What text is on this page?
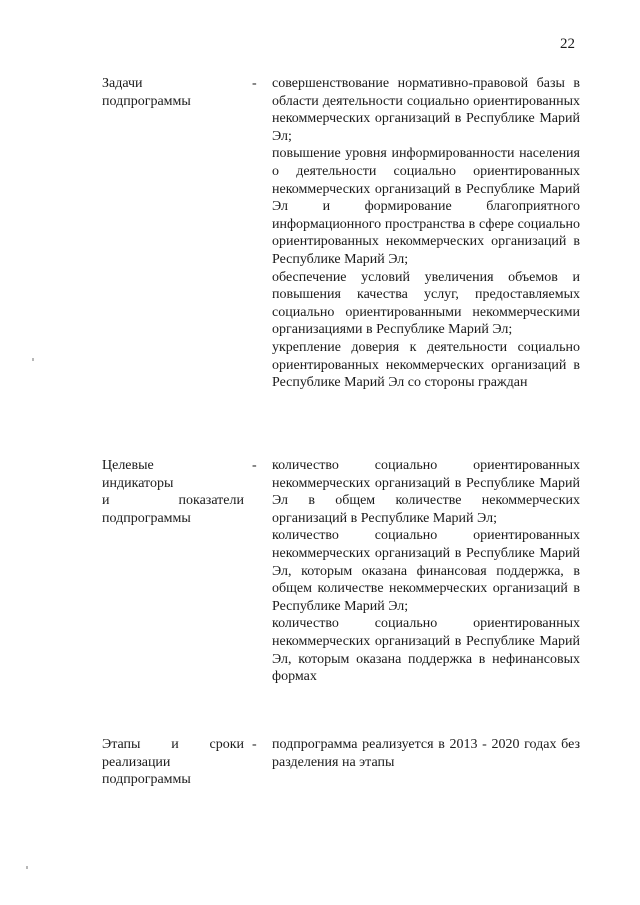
22
Задачи
подпрограммы
- совершенствование нормативно-правовой базы в области деятельности социально ориентированных некоммерческих организаций в Республике Марий Эл;

повышение уровня информированности населения о деятельности социально ориентированных некоммерческих организаций в Республике Марий Эл и формирование благоприятного информационного пространства в сфере социально ориентированных некоммерческих организаций в Республике Марий Эл;

обеспечение условий увеличения объемов и повышения качества услуг, предоставляемых социально ориентированными некоммерческими организациями в Республике Марий Эл;

укрепление доверия к деятельности социально ориентированных некоммерческих организаций в Республике Марий Эл со стороны граждан

Целевые
индикаторы
и показатели
подпрограммы
- количество социально ориентированных некоммерческих организаций в Республике Марий Эл в общем количестве некоммерческих организаций в Республике Марий Эл;

количество социально ориентированных некоммерческих организаций в Республике Марий Эл, которым оказана финансовая поддержка, в общем количестве некоммерческих организаций в Республике Марий Эл;

количество социально ориентированных некоммерческих организаций в Республике Марий Эл, которым оказана поддержка в нефинансовых формах

Этапы и сроки
реализации
подпрограммы
- подпрограмма реализуется в 2013 - 2020 годах без разделения на этапы
